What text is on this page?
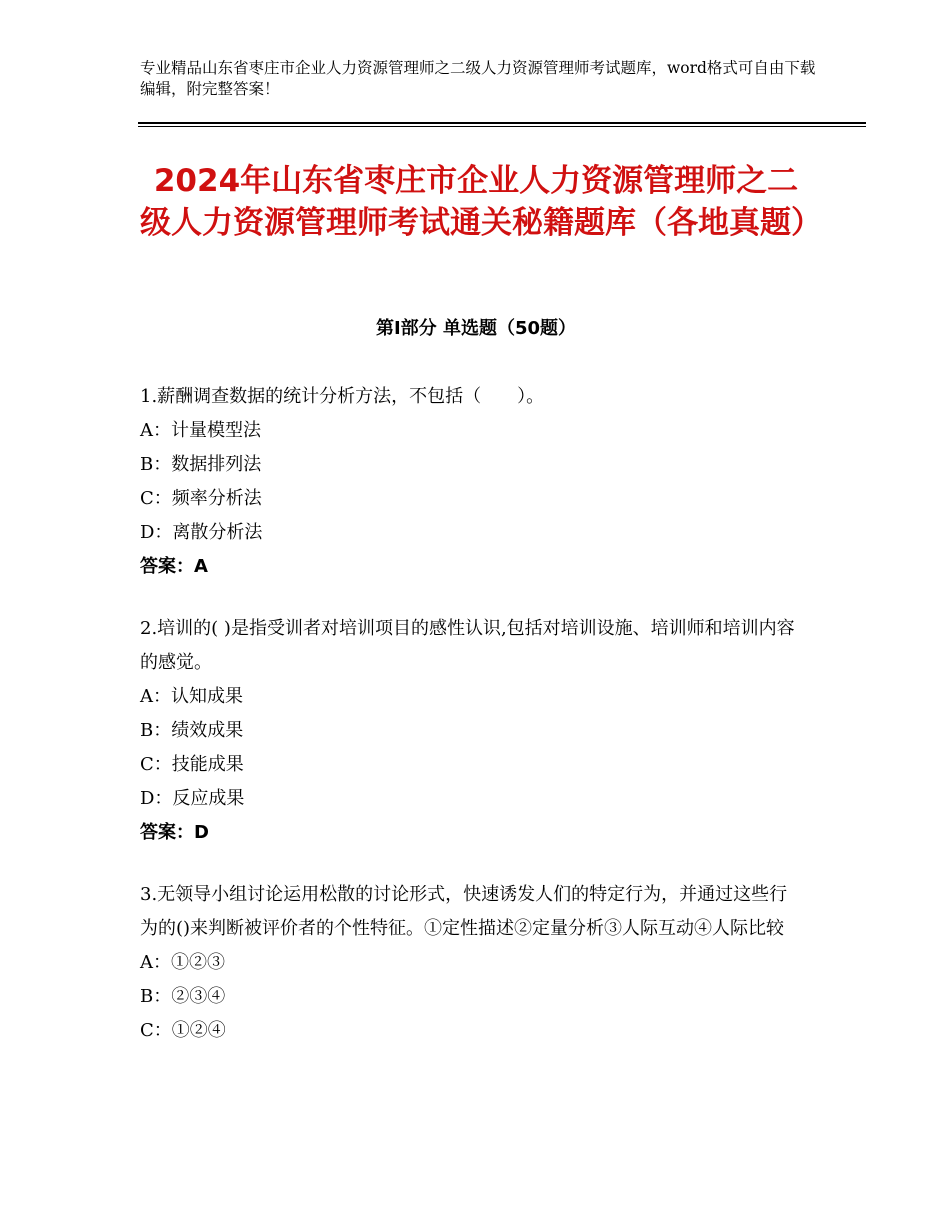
专业精品山东省枣庄市企业人力资源管理师之二级人力资源管理师考试题库，word格式可自由下载编辑，附完整答案！
2024年山东省枣庄市企业人力资源管理师之二级人力资源管理师考试通关秘籍题库（各地真题）
第Ⅰ部分 单选题（50题）

1.薪酬调查数据的统计分析方法，不包括（　　）。

A：计量模型法

B：数据排列法

C：频率分析法

D：离散分析法

答案：A

2.培训的( )是指受训者对培训项目的感性认识,包括对培训设施、培训师和培训内容的感觉。

A：认知成果

B：绩效成果

C：技能成果

D：反应成果

答案：D

3.无领导小组讨论运用松散的讨论形式，快速诱发人们的特定行为，并通过这些行为的()来判断被评价者的个性特征。①定性描述②定量分析③人际互动④人际比较

A：①②③

B：②③④

C：①②④
